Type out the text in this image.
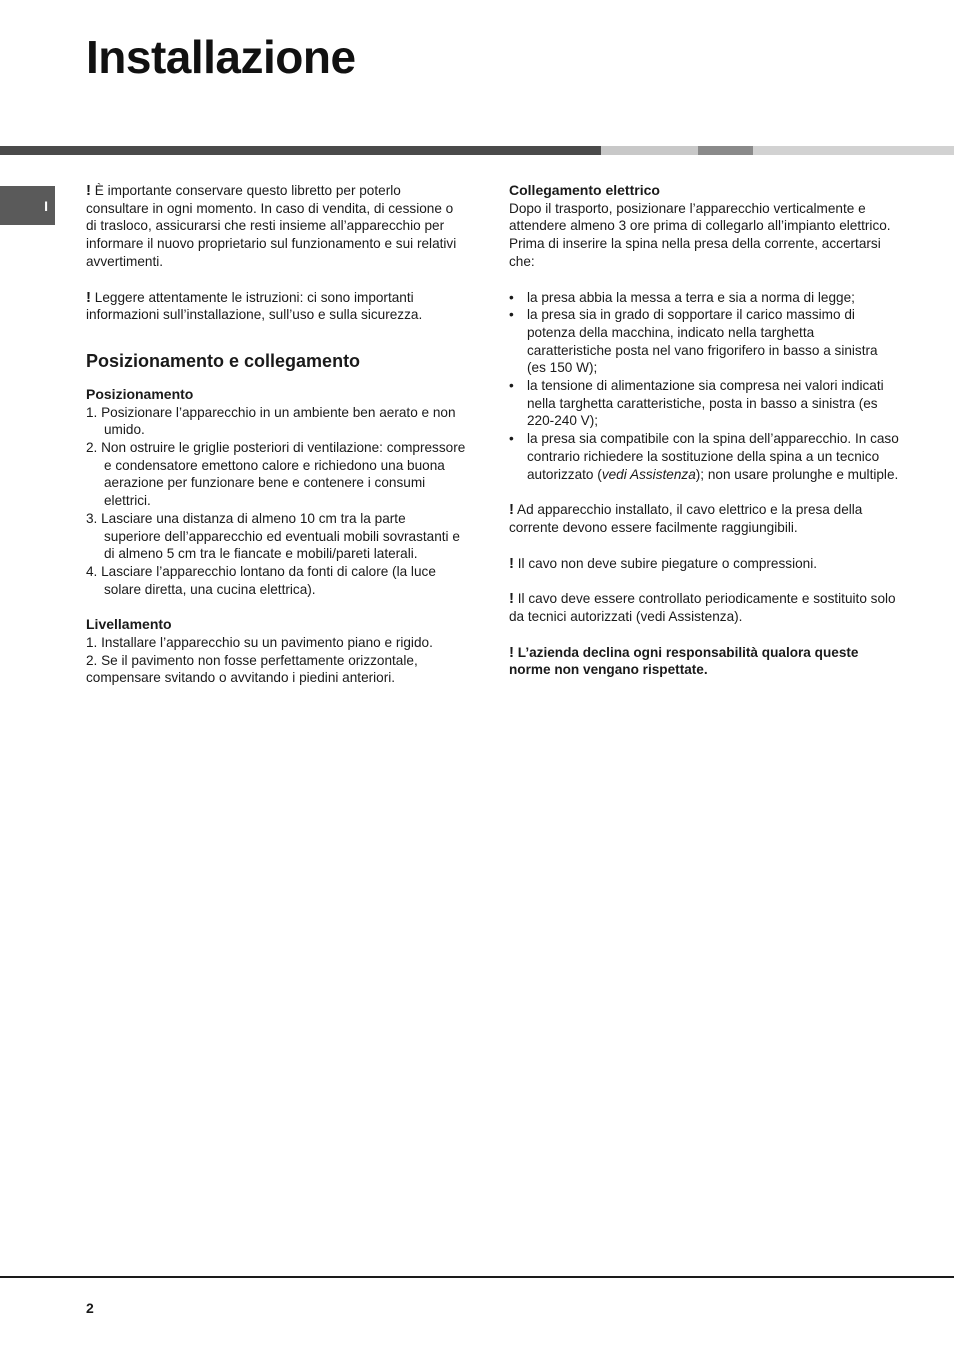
Installazione
I

! È importante conservare questo libretto per poterlo consultare in ogni momento. In caso di vendita, di cessione o di trasloco, assicurarsi che resti insieme all’apparecchio per informare il nuovo proprietario sul funzionamento e sui relativi avvertimenti.

! Leggere attentamente le istruzioni: ci sono importanti informazioni sull’installazione, sull’uso e sulla sicurezza.

Posizionamento e collegamento
Posizionamento
1. Posizionare l’apparecchio in un ambiente ben aerato e non umido.
2. Non ostruire le griglie posteriori di ventilazione: compressore e condensatore emettono calore e richiedono una buona aerazione per funzionare bene e contenere i consumi elettrici.
3. Lasciare una distanza di almeno 10 cm tra la parte superiore dell’apparecchio ed eventuali mobili sovrastanti e di almeno 5 cm tra le fiancate e mobili/pareti laterali.
4. Lasciare l’apparecchio lontano da fonti di calore (la luce solare diretta, una cucina elettrica).
Livellamento

1. Installare l’apparecchio su un pavimento piano e rigido.

2. Se il pavimento non fosse perfettamente orizzontale, compensare svitando o avvitando i piedini anteriori.

Collegamento elettrico

Dopo il trasporto, posizionare l’apparecchio verticalmente e attendere almeno 3 ore prima di collegarlo all’impianto elettrico. Prima di inserire la spina nella presa della corrente, accertarsi che:

• la presa abbia la messa a terra e sia a norma di legge;
• la presa sia in grado di sopportare il carico massimo di potenza della macchina, indicato nella targhetta caratteristiche posta nel vano frigorifero in basso a sinistra (es 150 W);
• la tensione di alimentazione sia compresa nei valori indicati nella targhetta caratteristiche, posta in basso a sinistra (es 220-240 V);
• la presa sia compatibile con la spina dell’apparecchio. In caso contrario richiedere la sostituzione della spina a un tecnico autorizzato (vedi Assistenza); non usare prolunghe e multiple.

! Ad apparecchio installato, il cavo elettrico e la presa della corrente devono essere facilmente raggiungibili.

! Il cavo non deve subire piegature o compressioni.

! Il cavo deve essere controllato periodicamente e sostituito solo da tecnici autorizzati (vedi Assistenza).

! L’azienda declina ogni responsabilità qualora queste norme non vengano rispettate.

2
